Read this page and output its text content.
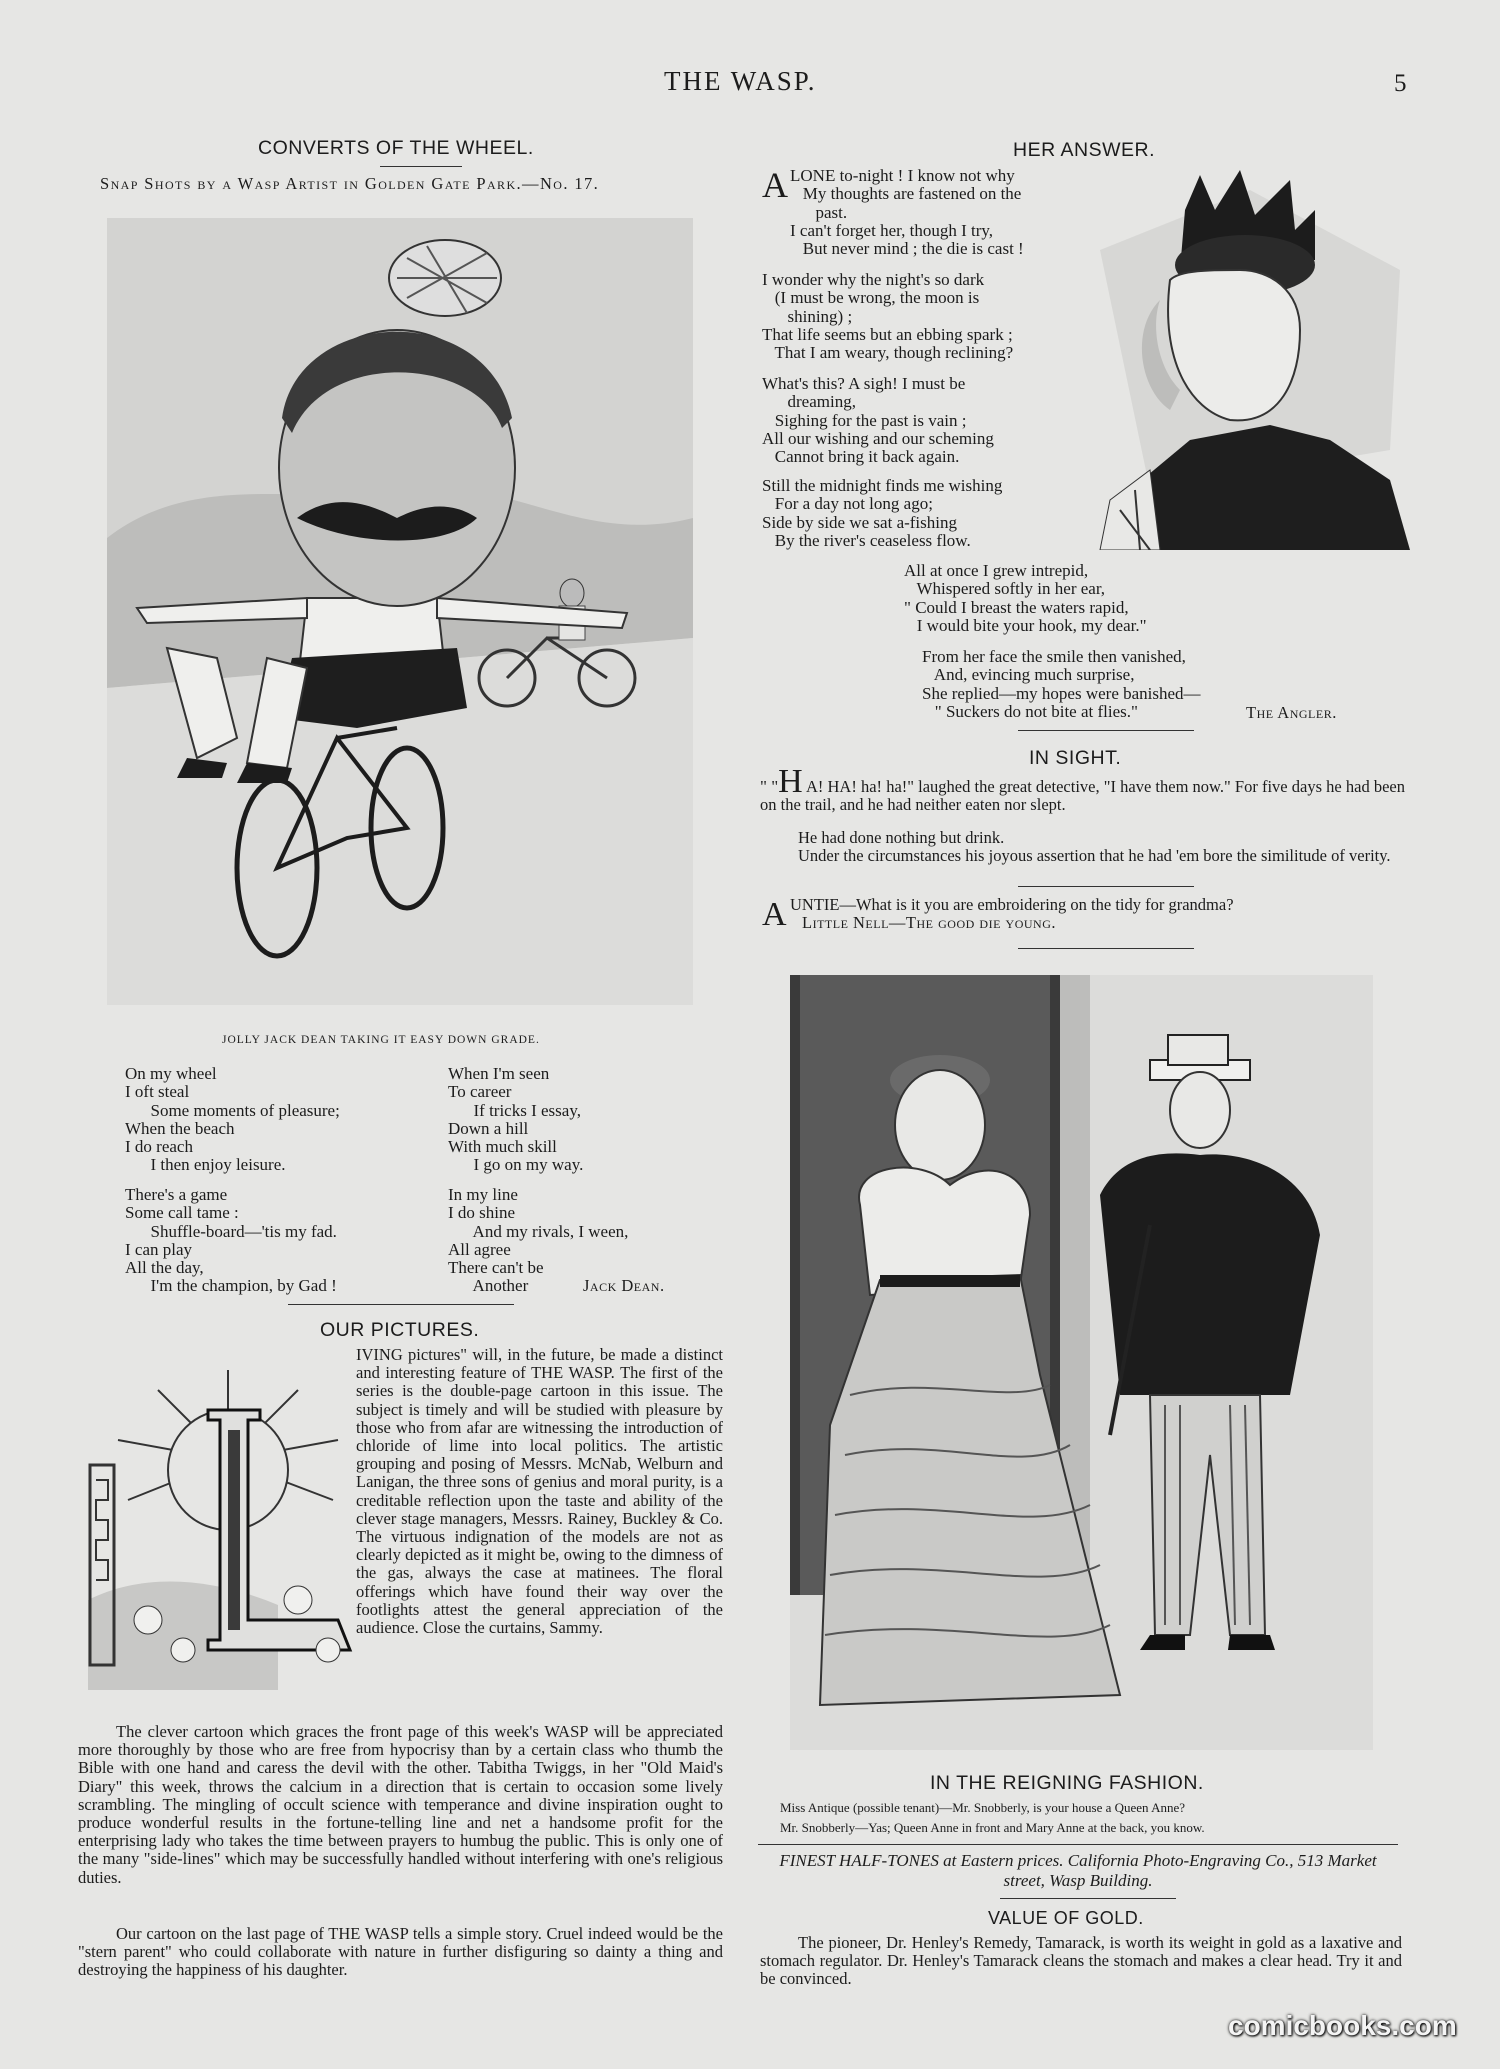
THE WASP.	5
CONVERTS OF THE WHEEL.
Snap Shots by a Wasp Artist in Golden Gate Park.—No. 17.
JOLLY JACK DEAN TAKING IT EASY DOWN GRADE.
On my wheel
I oft steal
Some moments of pleasure;
When the beach
I do reach
I then enjoy leisure.
There's a game
Some call tame :
Shuffle-board—'tis my fad.
I can play
All the day,
I'm the champion, by Gad !
When I'm seen
To career
If tricks I essay,
Down a hill
With much skill
I go on my way.
In my line
I do shine
And my rivals, I ween,
All agree
There can't be
Another	Jack Dean.
OUR PICTURES.
IVING pictures" will, in the future, be made a distinct and interesting feature of THE WASP. The first of the series is the double-page cartoon in this issue. The subject is timely and will be studied with pleasure by those who from afar are witnessing the introduction of chloride of lime into local politics. The artistic grouping and posing of Messrs. McNab, Welburn and Lanigan, the three sons of genius and moral purity, is a creditable reflection upon the taste and ability of the clever stage managers, Messrs. Rainey, Buckley & Co. The virtuous indignation of the models are not as clearly depicted as it might be, owing to the dimness of the gas, always the case at matinees. The floral offerings which have found their way over the footlights attest the general appreciation of the audience. Close the curtains, Sammy.
The clever cartoon which graces the front page of this week's WASP will be appreciated more thoroughly by those who are free from hypocrisy than by a certain class who thumb the Bible with one hand and caress the devil with the other. Tabitha Twiggs, in her "Old Maid's Diary" this week, throws the calcium in a direction that is certain to occasion some lively scrambling. The mingling of occult science with temperance and divine inspiration ought to produce wonderful results in the fortune-telling line and net a handsome profit for the enterprising lady who takes the time between prayers to humbug the public. This is only one of the many "side-lines" which may be successfully handled without interfering with one's religious duties.
Our cartoon on the last page of THE WASP tells a simple story. Cruel indeed would be the "stern parent" who could collaborate with nature in further disfiguring so dainty a thing and destroying the happiness of his daughter.
HER ANSWER.
A LONE to-night ! I know not why
My thoughts are fastened on the
past.
I can't forget her, though I try,
But never mind ; the die is cast !
I wonder why the night's so dark
(I must be wrong, the moon is
shining) ;
That life seems but an ebbing spark ;
That I am weary, though reclining?
What's this? A sigh! I must be
dreaming,
Sighing for the past is vain ;
All our wishing and our scheming
Cannot bring it back again.
Still the midnight finds me wishing
For a day not long ago;
Side by side we sat a-fishing
By the river's ceaseless flow.
All at once I grew intrepid,
Whispered softly in her ear,
" Could I breast the waters rapid,
I would bite your hook, my dear."
From her face the smile then vanished,
And, evincing much surprise,
She replied—my hopes were banished—
" Suckers do not bite at flies."	The Angler.
IN SIGHT.
" "H A! HA! ha! ha!" laughed the great detective, "I have them now." For five days he had been on the trail, and he had neither eaten nor slept.
He had done nothing but drink.
Under the circumstances his joyous assertion that he had 'em bore the similitude of verity.
A UNTIE—What is it you are embroidering on the tidy for grandma?
Little Nell—The good die young.
IN THE REIGNING FASHION.
Miss Antique (possible tenant)—Mr. Snobberly, is your house a Queen Anne?
Mr. Snobberly—Yas; Queen Anne in front and Mary Anne at the back, you know.
FINEST HALF-TONES at Eastern prices. California Photo-Engraving Co., 513 Market street, Wasp Building.
VALUE OF GOLD.
The pioneer, Dr. Henley's Remedy, Tamarack, is worth its weight in gold as a laxative and stomach regulator. Dr. Henley's Tamarack cleans the stomach and makes a clear head. Try it and be convinced.
comicbooks.com
